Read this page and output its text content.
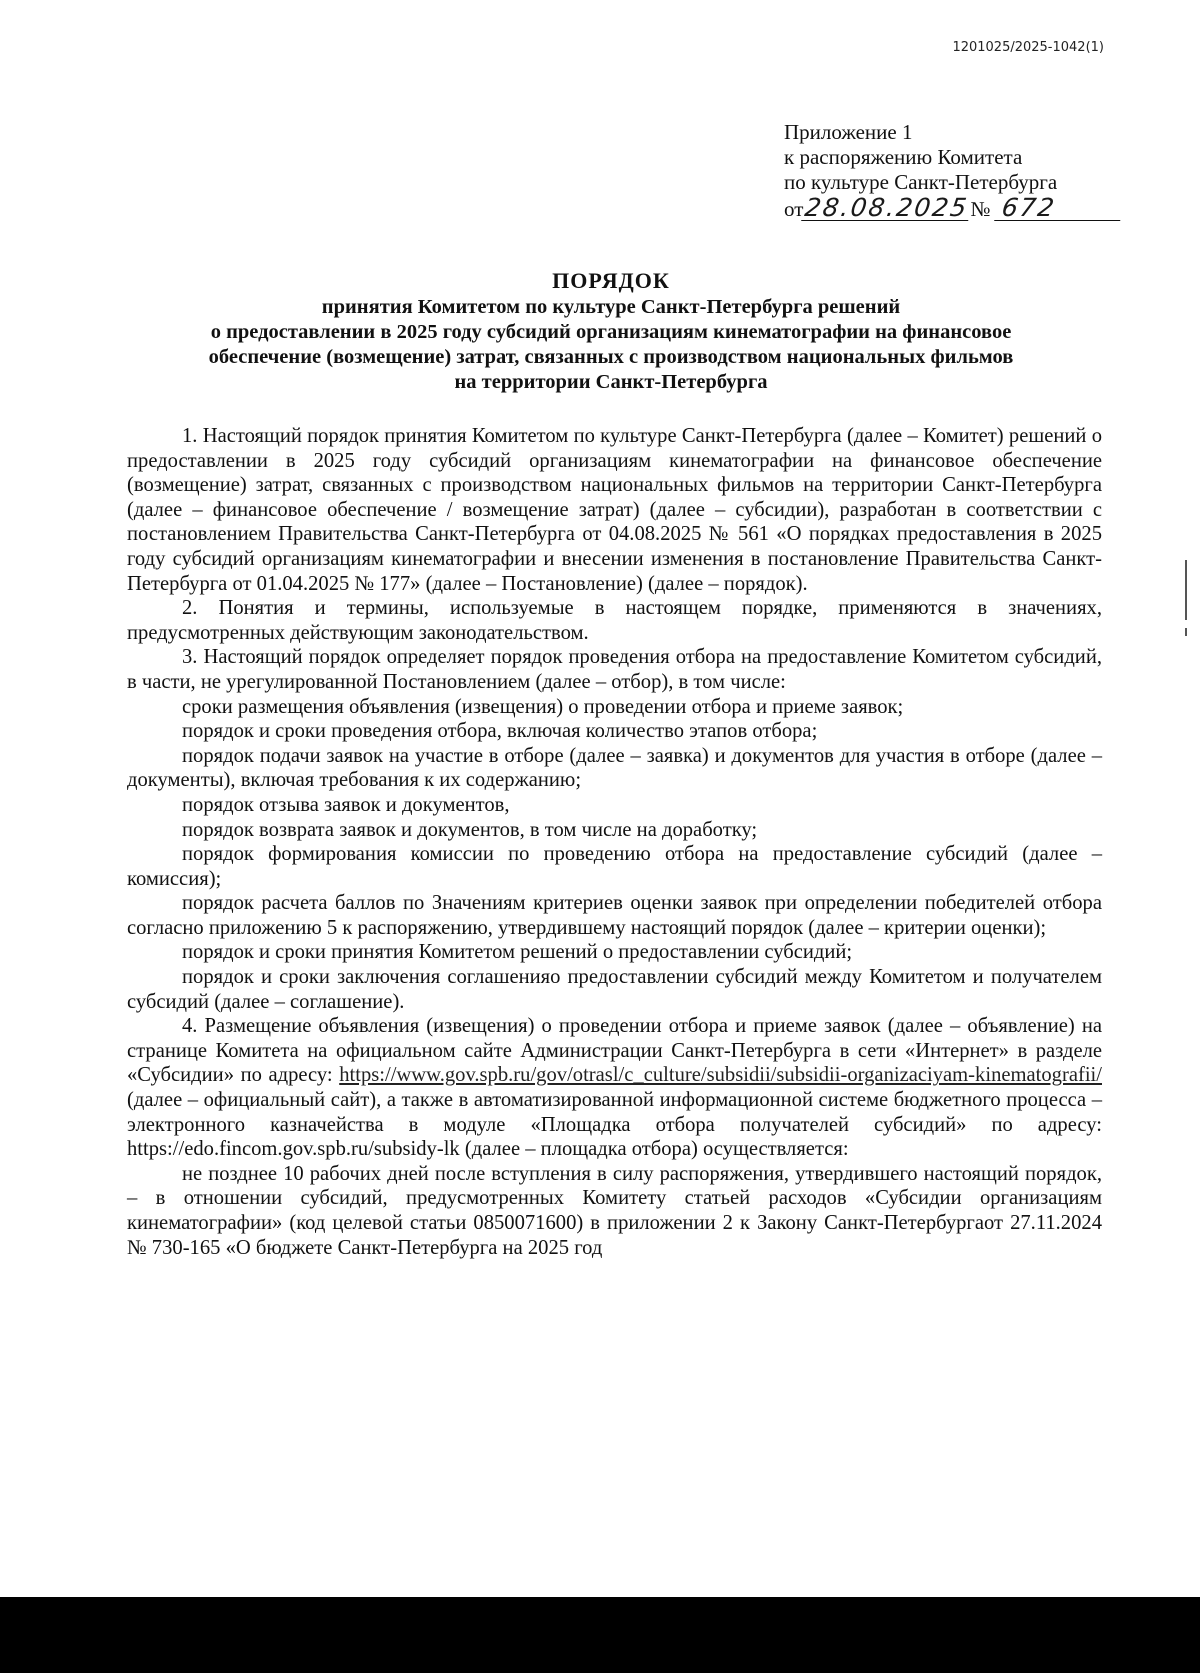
1201025/2025-1042(1)
Приложение 1
к распоряжению Комитета
по культуре Санкт-Петербурга
от28.08.2025№ 672
ПОРЯДОК
принятия Комитетом по культуре Санкт-Петербурга решений
о предоставлении в 2025 году субсидий организациям кинематографии на финансовое
обеспечение (возмещение) затрат, связанных с производством национальных фильмов
на территории Санкт-Петербурга

1. Настоящий порядок принятия Комитетом по культуре Санкт-Петербурга (далее – Комитет) решений о предоставлении в 2025 году субсидий организациям кинематографии на финансовое обеспечение (возмещение) затрат, связанных с производством национальных фильмов на территории Санкт-Петербурга (далее – финансовое обеспечение / возмещение затрат) (далее – субсидии), разработан в соответствии с постановлением Правительства Санкт-Петербурга от 04.08.2025 № 561 «О порядках предоставления в 2025 году субсидий организациям кинематографии и внесении изменения в постановление Правительства Санкт-Петербурга от 01.04.2025 № 177» (далее – Постановление) (далее – порядок).

2. Понятия и термины, используемые в настоящем порядке, применяются в значениях, предусмотренных действующим законодательством.

3. Настоящий порядок определяет порядок проведения отбора на предоставление Комитетом субсидий, в части, не урегулированной Постановлением (далее – отбор), в том числе:

сроки размещения объявления (извещения) о проведении отбора и приеме заявок;

порядок и сроки проведения отбора, включая количество этапов отбора;

порядок подачи заявок на участие в отборе (далее – заявка) и документов для участия в отборе (далее – документы), включая требования к их содержанию;

порядок отзыва заявок и документов,

порядок возврата заявок и документов, в том числе на доработку;

порядок формирования комиссии по проведению отбора на предоставление субсидий (далее – комиссия);

порядок расчета баллов по Значениям критериев оценки заявок при определении победителей отбора согласно приложению 5 к распоряжению, утвердившему настоящий порядок (далее – критерии оценки);

порядок и сроки принятия Комитетом решений о предоставлении субсидий;

порядок и сроки заключения соглашенияо предоставлении субсидий между Комитетом и получателем субсидий (далее – соглашение).

4. Размещение объявления (извещения) о проведении отбора и приеме заявок (далее – объявление) на странице Комитета на официальном сайте Администрации Санкт-Петербурга в сети «Интернет» в разделе «Субсидии» по адресу: https://www.gov.spb.ru/gov/otrasl/c_culture/subsidii/subsidii-organizaciyam-kinematografii/ (далее – официальный сайт), а также в автоматизированной информационной системе бюджетного процесса – электронного казначейства в модуле «Площадка отбора получателей субсидий» по адресу: https://edo.fincom.gov.spb.ru/subsidy-lk (далее – площадка отбора) осуществляется:

не позднее 10 рабочих дней после вступления в силу распоряжения, утвердившего настоящий порядок, – в отношении субсидий, предусмотренных Комитету статьей расходов «Субсидии организациям кинематографии» (код целевой статьи 0850071600) в приложении 2 к Закону Санкт-Петербургаот 27.11.2024 № 730-165 «О бюджете Санкт-Петербурга на 2025 год
